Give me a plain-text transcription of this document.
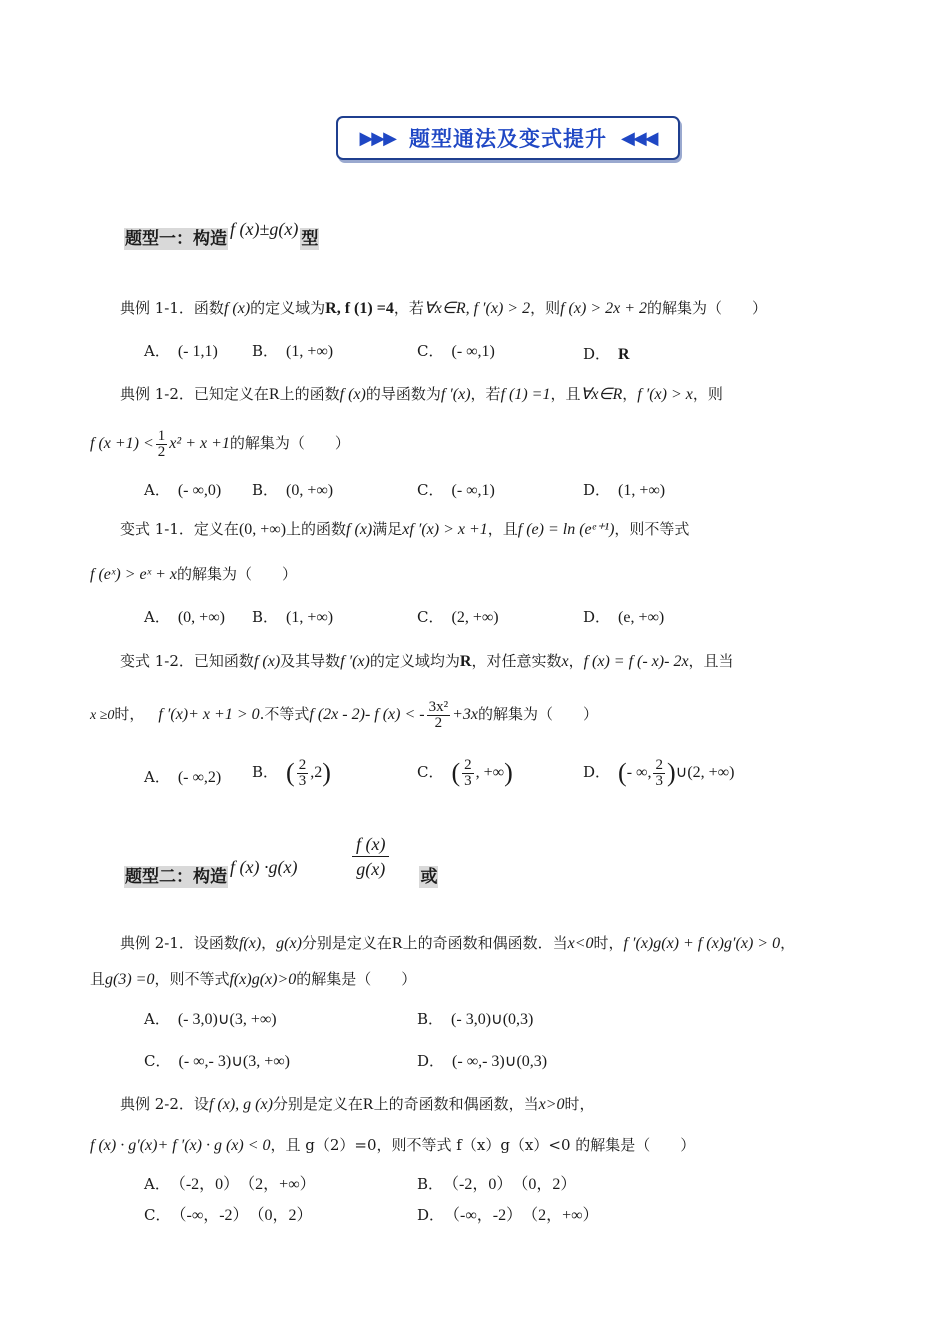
▶▶▶ 题型通法及变式提升 ◀◀◀
题型一：构造 f (x)±g(x) 型
典例 1-1．函数f (x)的定义域为R, f (1) =4，若∀x∈R, f ′(x) > 2，则f (x) > 2x + 2的解集为（　　）
A． (- 1,1) B． (1, +∞)	C． (- ∞,1)	D． R
典例 1-2．已知定义在R上的函数f (x)的导函数为f ′(x)，若f (1) =1，且∀x∈R，f ′(x) > x，则
f $(x +1) < \frac{1}{2} x^2 + x +1$的解集为（　　）
A． (- ∞,0) B． (0, +∞)	C． (- ∞,1)	D． (1, +∞)
变式 1-1．定义在(0, +∞)上的函数f (x)满足xf ′(x) > x +1，且f (e) = ln (eᵉ⁺¹)，则不等式
f (eˣ) > eˣ + x的解集为（　　）
A． (0, +∞) B． (1, +∞)	C． (2, +∞)	D． (e, +∞)
变式 1-2．已知函数f (x)及其导数f ′(x)的定义域均为R，对任意实数x，f (x) = f (- x)- 2x，且当
x ≥0时， f ′(x)+ x +1 > 0.不等式f (2x - 2)- f (x) < - $\frac{\text{3x²}}{2} +3x$的解集为（　　）
A． (- ∞,2) B． ( $\frac{2}{3} ,2$)	C． ( $\frac{2}{3}$ , +∞)	D． (- ∞, $\frac{2}{3}$ )∪(2, +∞)
题型二：构造 f (x) ·g(x)	或
$\frac{f (x)}{g(x)}$
典例 2-1．设函数f(x)，g(x)分别是定义在R上的奇函数和偶函数．当x<0时，f ′(x)g(x) + f (x)g′(x) > 0，
且g(3) =0，则不等式f(x)g(x)>0的解集是（　　）
A． (- 3,0)∪(3, +∞)	B． (- 3,0)∪(0,3)
C． (- ∞,- 3)∪(3, +∞)	D． (- ∞,- 3)∪(0,3)
典例 2-2．设f (x), g (x)分别是定义在R上的奇函数和偶函数，当x>0时，
f (x) · g′(x)+ f ′(x) · g (x) < 0，且 g（2）=0，则不等式 f（x）g（x）<0 的解集是（　　）
A． （-2，0）　（2，+∞）	B． （-2，0）　（0，2）
C． （-∞，-2）　（0，2）	D． （-∞，-2）　（2，+∞）
